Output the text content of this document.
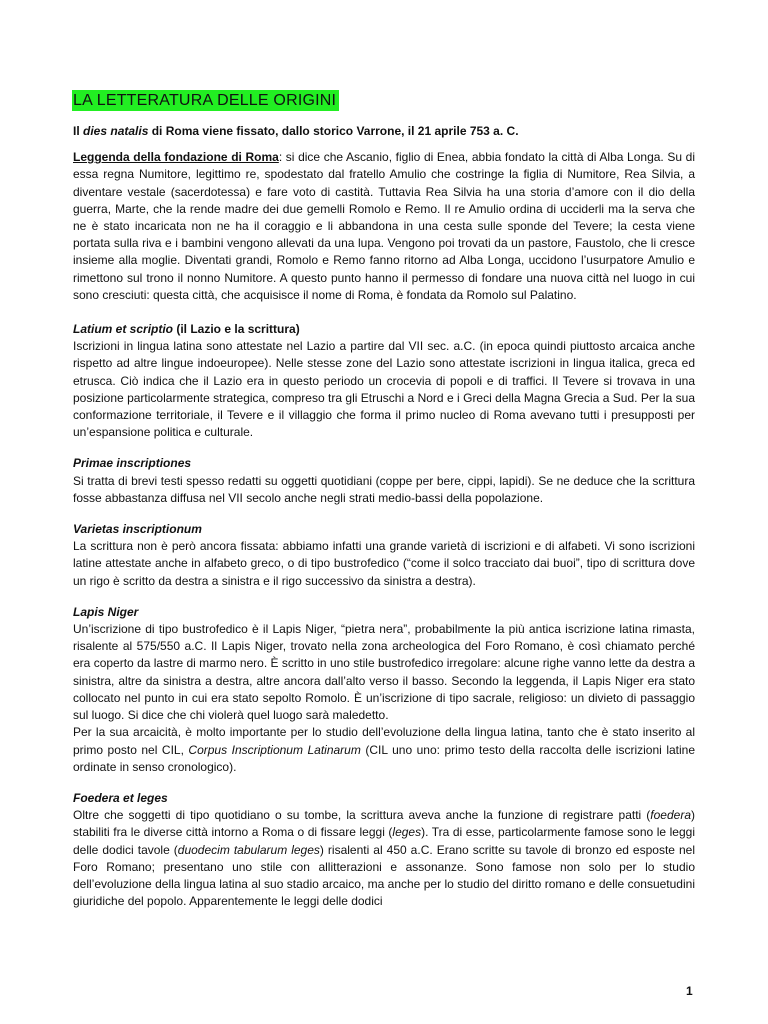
LA LETTERATURA DELLE ORIGINI

Il dies natalis di Roma viene fissato, dallo storico Varrone, il 21 aprile 753 a. C.

Leggenda della fondazione di Roma: si dice che Ascanio, figlio di Enea, abbia fondato la città di Alba Longa. Su di essa regna Numitore, legittimo re, spodestato dal fratello Amulio che costringe la figlia di Numitore, Rea Silvia, a diventare vestale (sacerdotessa) e fare voto di castità. Tuttavia Rea Silvia ha una storia d’amore con il dio della guerra, Marte, che la rende madre dei due gemelli Romolo e Remo. Il re Amulio ordina di ucciderli ma la serva che ne è stato incaricata non ne ha il coraggio e li abbandona in una cesta sulle sponde del Tevere; la cesta viene portata sulla riva e i bambini vengono allevati da una lupa. Vengono poi trovati da un pastore, Faustolo, che li cresce insieme alla moglie. Diventati grandi, Romolo e Remo fanno ritorno ad Alba Longa, uccidono l’usurpatore Amulio e rimettono sul trono il nonno Numitore. A questo punto hanno il permesso di fondare una nuova città nel luogo in cui sono cresciuti: questa città, che acquisisce il nome di Roma, è fondata da Romolo sul Palatino.

Latium et scriptio (il Lazio e la scrittura)

Iscrizioni in lingua latina sono attestate nel Lazio a partire dal VII sec. a.C. (in epoca quindi piuttosto arcaica anche rispetto ad altre lingue indoeuropee). Nelle stesse zone del Lazio sono attestate iscrizioni in lingua italica, greca ed etrusca. Ciò indica che il Lazio era in questo periodo un crocevia di popoli e di traffici. Il Tevere si trovava in una posizione particolarmente strategica, compreso tra gli Etruschi a Nord e i Greci della Magna Grecia a Sud. Per la sua conformazione territoriale, il Tevere e il villaggio che forma il primo nucleo di Roma avevano tutti i presupposti per un’espansione politica e culturale.

Primae inscriptiones

Si tratta di brevi testi spesso redatti su oggetti quotidiani (coppe per bere, cippi, lapidi). Se ne deduce che la scrittura fosse abbastanza diffusa nel VII secolo anche negli strati medio-bassi della popolazione.

Varietas inscriptionum

La scrittura non è però ancora fissata: abbiamo infatti una grande varietà di iscrizioni e di alfabeti. Vi sono iscrizioni latine attestate anche in alfabeto greco, o di tipo bustrofedico (“come il solco tracciato dai buoi”, tipo di scrittura dove un rigo è scritto da destra a sinistra e il rigo successivo da sinistra a destra).

Lapis Niger

Un’iscrizione di tipo bustrofedico è il Lapis Niger, “pietra nera”, probabilmente la più antica iscrizione latina rimasta, risalente al 575/550 a.C. Il Lapis Niger, trovato nella zona archeologica del Foro Romano, è così chiamato perché era coperto da lastre di marmo nero. È scritto in uno stile bustrofedico irregolare: alcune righe vanno lette da destra a sinistra, altre da sinistra a destra, altre ancora dall’alto verso il basso. Secondo la leggenda, il Lapis Niger era stato collocato nel punto in cui era stato sepolto Romolo. È un’iscrizione di tipo sacrale, religioso: un divieto di passaggio sul luogo. Si dice che chi violerà quel luogo sarà maledetto.

Per la sua arcaicità, è molto importante per lo studio dell’evoluzione della lingua latina, tanto che è stato inserito al primo posto nel CIL, Corpus Inscriptionum Latinarum (CIL uno uno: primo testo della raccolta delle iscrizioni latine ordinate in senso cronologico).

Foedera et leges

Oltre che soggetti di tipo quotidiano o su tombe, la scrittura aveva anche la funzione di registrare patti (foedera) stabiliti fra le diverse città intorno a Roma o di fissare leggi (leges). Tra di esse, particolarmente famose sono le leggi delle dodici tavole (duodecim tabularum leges) risalenti al 450 a.C. Erano scritte su tavole di bronzo ed esposte nel Foro Romano; presentano uno stile con allitterazioni e assonanze. Sono famose non solo per lo studio dell’evoluzione della lingua latina al suo stadio arcaico, ma anche per lo studio del diritto romano e delle consuetudini giuridiche del popolo. Apparentemente le leggi delle dodici

1
